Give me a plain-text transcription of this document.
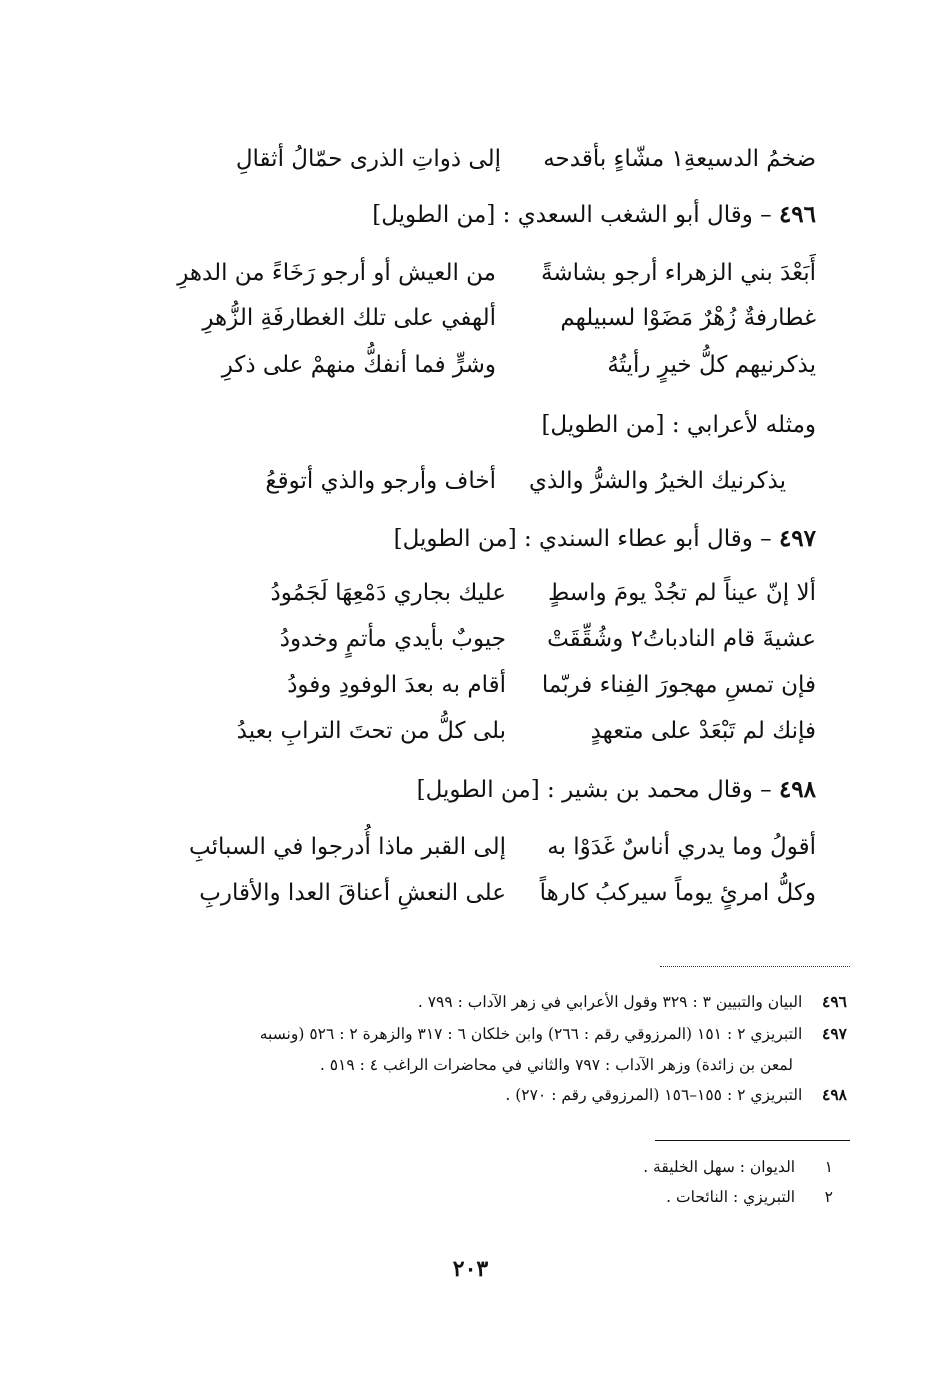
ضخمُ الدسيعةِ١ مشّاءٍ بأقدحه
إلى ذواتِ الذرى حمّالُ أثقالِ
٤٩٦ – وقال أبو الشغب السعدي : [من الطويل]
أَبَعْدَ بني الزهراء أرجو بشاشةً
من العيش أو أرجو رَخَاءً من الدهرِ
غطارفةٌ زُهْرٌ مَضَوْا لسبيلهم
ألهفي على تلك الغطارفَةِ الزُّهرِ
يذكرنيهم كلُّ خيرٍ رأيتُهُ
وشرٍّ فما أنفكُّ منهمْ على ذكرِ
ومثله لأعرابي : [من الطويل]
يذكرنيك الخيرُ والشرُّ والذي
أخاف وأرجو والذي أتوقعُ
٤٩٧ – وقال أبو عطاء السندي : [من الطويل]
ألا إنّ عيناً لم تجُدْ يومَ واسطٍ
عليك بجاري دَمْعِهَا لَجَمُودُ
عشيةَ قام النادباتُ٢ وشُقِّقَتْ
جيوبٌ بأيدي مأتمٍ وخدودُ
فإن تمسِ مهجورَ الفِناء فربّما
أقام به بعدَ الوفودِ وفودُ
فإنك لم تَبْعَدْ على متعهدٍ
بلى كلُّ من تحتَ الترابِ بعيدُ
٤٩٨ – وقال محمد بن بشير : [من الطويل]
أقولُ وما يدري أناسٌ غَدَوْا به
إلى القبر ماذا أُدرجوا في السبائبِ
وكلُّ امرئٍ يوماً سيركبُ كارهاً
على النعشِ أعناقَ العدا والأقاربِ
٤٩٦    البيان والتبيين ٣ : ٣٢٩ وقول الأعرابي في زهر الآداب : ٧٩٩ .
٤٩٧    التبريزي ٢ : ١٥١ (المرزوقي رقم : ٢٦٦) وابن خلكان ٦ : ٣١٧ والزهرة ٢ : ٥٢٦ (ونسبه
لمعن بن زائدة) وزهر الآداب : ٧٩٧ والثاني في محاضرات الراغب ٤ : ٥١٩ .
٤٩٨    التبريزي ٢ : ١٥٥–١٥٦ (المرزوقي رقم : ٢٧٠) .
١      الديوان : سهل الخليقة .
٢      التبريزي : النائحات .
٢٠٣
